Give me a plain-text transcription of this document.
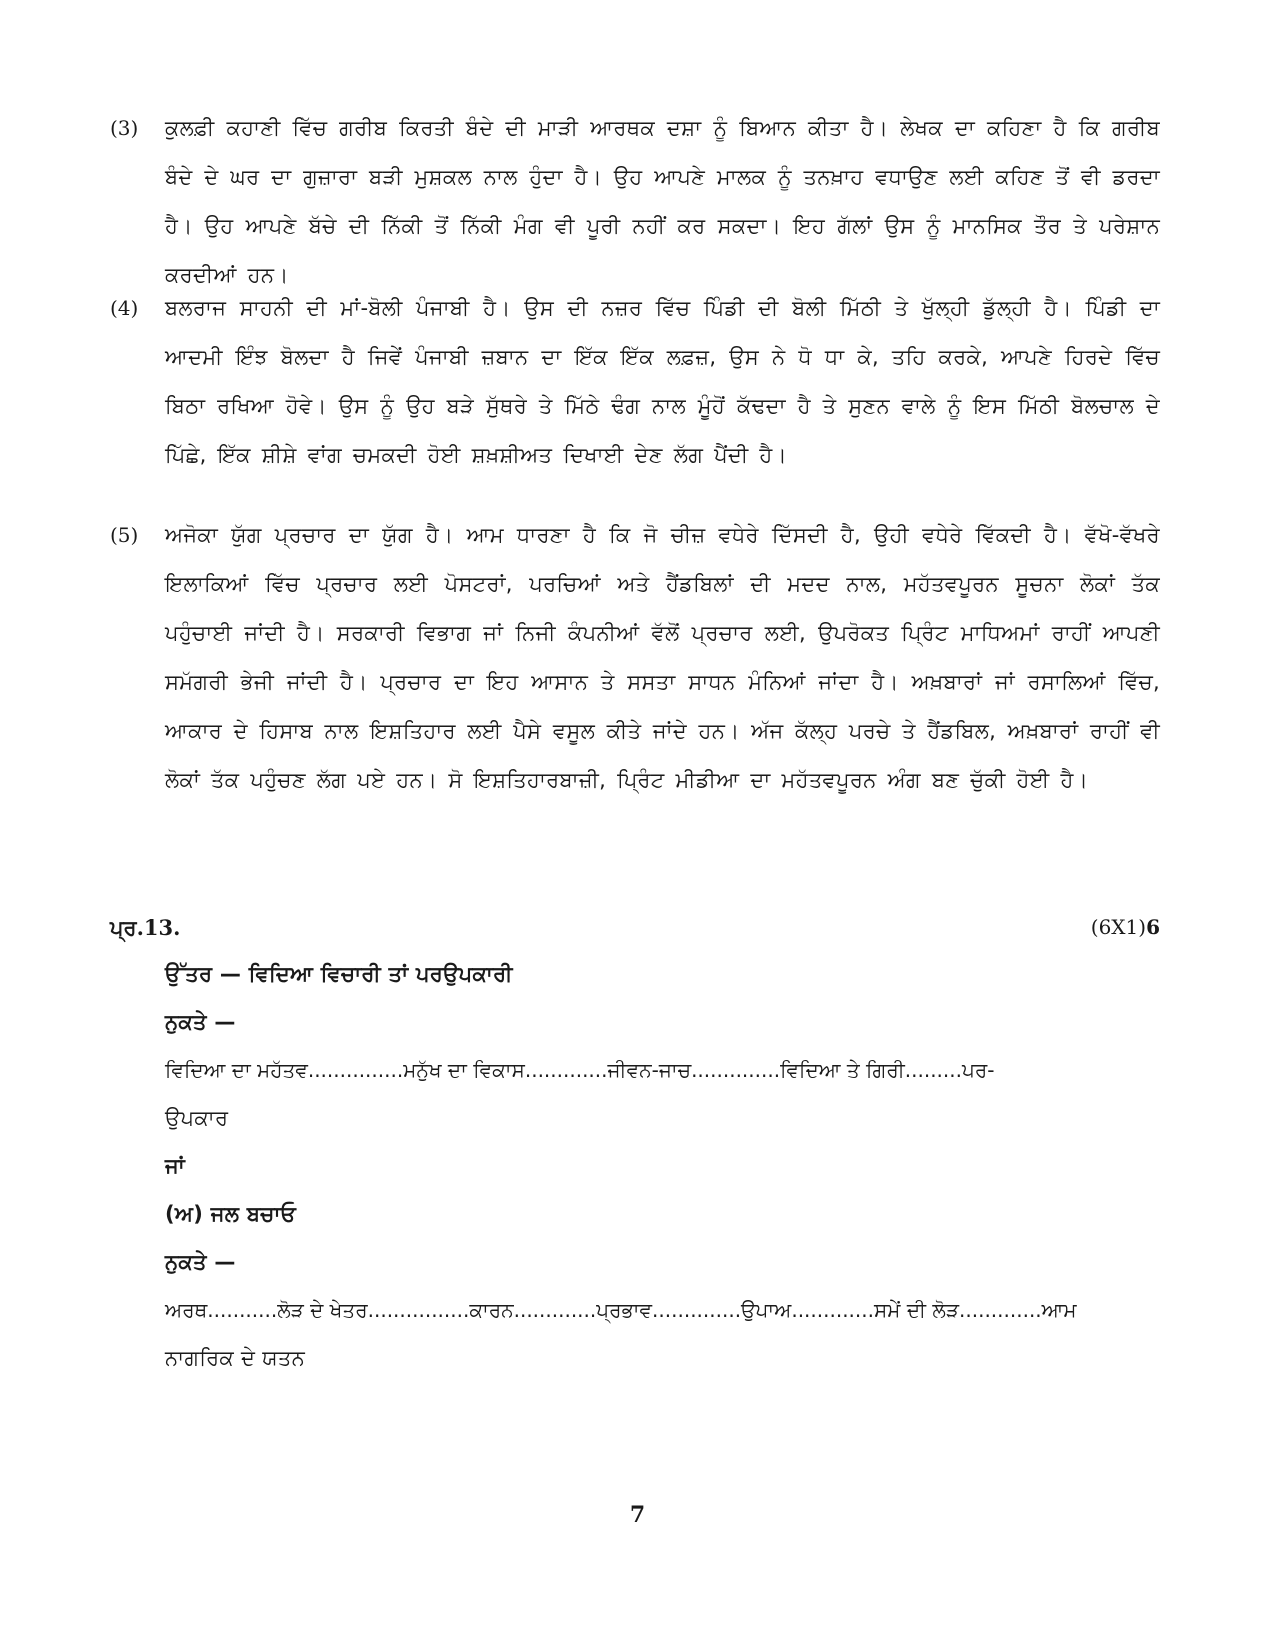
(3)	ਕੁਲਫ਼ੀ ਕਹਾਣੀ ਵਿੱਚ ਗਰੀਬ ਕਿਰਤੀ ਬੰਦੇ ਦੀ ਮਾੜੀ ਆਰਥਕ ਦਸ਼ਾ ਨੂੰ ਬਿਆਨ ਕੀਤਾ ਹੈ। ਲੇਖਕ ਦਾ ਕਹਿਣਾ ਹੈ ਕਿ ਗਰੀਬ ਬੰਦੇ ਦੇ ਘਰ ਦਾ ਗੁਜ਼ਾਰਾ ਬੜੀ ਮੁਸ਼ਕਲ ਨਾਲ ਹੁੰਦਾ ਹੈ। ਉਹ ਆਪਣੇ ਮਾਲਕ ਨੂੰ ਤਨਖ਼ਾਹ ਵਧਾਉਣ ਲਈ ਕਹਿਣ ਤੋਂ ਵੀ ਡਰਦਾ ਹੈ। ਉਹ ਆਪਣੇ ਬੱਚੇ ਦੀ ਨਿੱਕੀ ਤੋਂ ਨਿੱਕੀ ਮੰਗ ਵੀ ਪੂਰੀ ਨਹੀਂ ਕਰ ਸਕਦਾ। ਇਹ ਗੱਲਾਂ ਉਸ ਨੂੰ ਮਾਨਸਿਕ ਤੌਰ ਤੇ ਪਰੇਸ਼ਾਨ ਕਰਦੀਆਂ ਹਨ।
(4)	ਬਲਰਾਜ ਸਾਹਨੀ ਦੀ ਮਾਂ-ਬੋਲੀ ਪੰਜਾਬੀ ਹੈ। ਉਸ ਦੀ ਨਜ਼ਰ ਵਿੱਚ ਪਿੰਡੀ ਦੀ ਬੋਲੀ ਮਿੱਠੀ ਤੇ ਖੁੱਲ੍ਹੀ ਡੁੱਲ੍ਹੀ ਹੈ। ਪਿੰਡੀ ਦਾ ਆਦਮੀ ਇੰਝ ਬੋਲਦਾ ਹੈ ਜਿਵੇਂ ਪੰਜਾਬੀ ਜ਼ਬਾਨ ਦਾ ਇੱਕ ਇੱਕ ਲਫ਼ਜ਼, ਉਸ ਨੇ ਧੋ ਧਾ ਕੇ, ਤਹਿ ਕਰਕੇ, ਆਪਣੇ ਹਿਰਦੇ ਵਿੱਚ ਬਿਠਾ ਰਖਿਆ ਹੋਵੇ। ਉਸ ਨੂੰ ਉਹ ਬੜੇ ਸੁੱਥਰੇ ਤੇ ਮਿੱਠੇ ਢੰਗ ਨਾਲ ਮੂੰਹੋਂ ਕੱਢਦਾ ਹੈ ਤੇ ਸੁਣਨ ਵਾਲੇ ਨੂੰ ਇਸ ਮਿੱਠੀ ਬੋਲਚਾਲ ਦੇ ਪਿੱਛੇ, ਇੱਕ ਸ਼ੀਸ਼ੇ ਵਾਂਗ ਚਮਕਦੀ ਹੋਈ ਸ਼ਖ਼ਸ਼ੀਅਤ ਦਿਖਾਈ ਦੇਣ ਲੱਗ ਪੈਂਦੀ ਹੈ।
(5)	ਅਜੋਕਾ ਯੁੱਗ ਪ੍ਰਚਾਰ ਦਾ ਯੁੱਗ ਹੈ। ਆਮ ਧਾਰਣਾ ਹੈ ਕਿ ਜੋ ਚੀਜ਼ ਵਧੇਰੇ ਦਿੱਸਦੀ ਹੈ, ਉਹੀ ਵਧੇਰੇ ਵਿੱਕਦੀ ਹੈ। ਵੱਖੋ-ਵੱਖਰੇ ਇਲਾਕਿਆਂ ਵਿੱਚ ਪ੍ਰਚਾਰ ਲਈ ਪੋਸਟਰਾਂ, ਪਰਚਿਆਂ ਅਤੇ ਹੈਂਡਬਿਲਾਂ ਦੀ ਮਦਦ ਨਾਲ, ਮਹੱਤਵਪੂਰਨ ਸੂਚਨਾ ਲੋਕਾਂ ਤੱਕ ਪਹੁੰਚਾਈ ਜਾਂਦੀ ਹੈ। ਸਰਕਾਰੀ ਵਿਭਾਗ ਜਾਂ ਨਿਜੀ ਕੰਪਨੀਆਂ ਵੱਲੋਂ ਪ੍ਰਚਾਰ ਲਈ, ਉਪਰੋਕਤ ਪ੍ਰਿੰਟ ਮਾਧਿਅਮਾਂ ਰਾਹੀਂ ਆਪਣੀ ਸਮੱਗਰੀ ਭੇਜੀ ਜਾਂਦੀ ਹੈ। ਪ੍ਰਚਾਰ ਦਾ ਇਹ ਆਸਾਨ ਤੇ ਸਸਤਾ ਸਾਧਨ ਮੰਨਿਆਂ ਜਾਂਦਾ ਹੈ। ਅਖ਼ਬਾਰਾਂ ਜਾਂ ਰਸਾਲਿਆਂ ਵਿੱਚ, ਆਕਾਰ ਦੇ ਹਿਸਾਬ ਨਾਲ ਇਸ਼ਤਿਹਾਰ ਲਈ ਪੈਸੇ ਵਸੂਲ ਕੀਤੇ ਜਾਂਦੇ ਹਨ। ਅੱਜ ਕੱਲ੍ਹ ਪਰਚੇ ਤੇ ਹੈਂਡਬਿਲ, ਅਖ਼ਬਾਰਾਂ ਰਾਹੀਂ ਵੀ ਲੋਕਾਂ ਤੱਕ ਪਹੁੰਚਣ ਲੱਗ ਪਏ ਹਨ। ਸੋ ਇਸ਼ਤਿਹਾਰਬਾਜ਼ੀ, ਪ੍ਰਿੰਟ ਮੀਡੀਆ ਦਾ ਮਹੱਤਵਪੂਰਨ ਅੰਗ ਬਣ ਚੁੱਕੀ ਹੋਈ ਹੈ।
ਪ੍ਰ.13.	(6X1)6
ਉੱਤਰ — ਵਿਦਿਆ ਵਿਚਾਰੀ ਤਾਂ ਪਰਉਪਕਾਰੀ
ਨੁਕਤੇ —
ਵਿਦਿਆ ਦਾ ਮਹੱਤਵ...............ਮਨੁੱਖ ਦਾ ਵਿਕਾਸ.............ਜੀਵਨ-ਜਾਚ..............ਵਿਦਿਆ ਤੇ ਗਿਰੀ.........ਪਰ-
ਉਪਕਾਰ
ਜਾਂ
(ਅ) ਜਲ ਬਚਾਓ
ਨੁਕਤੇ —
ਅਰਥ...........ਲੋੜ ਦੇ ਖੇਤਰ................ਕਾਰਨ.............ਪ੍ਰਭਾਵ..............ਉਪਾਅ.............ਸਮੇਂ ਦੀ ਲੋੜ.............ਆਮ
ਨਾਗਰਿਕ ਦੇ ਯਤਨ
7
